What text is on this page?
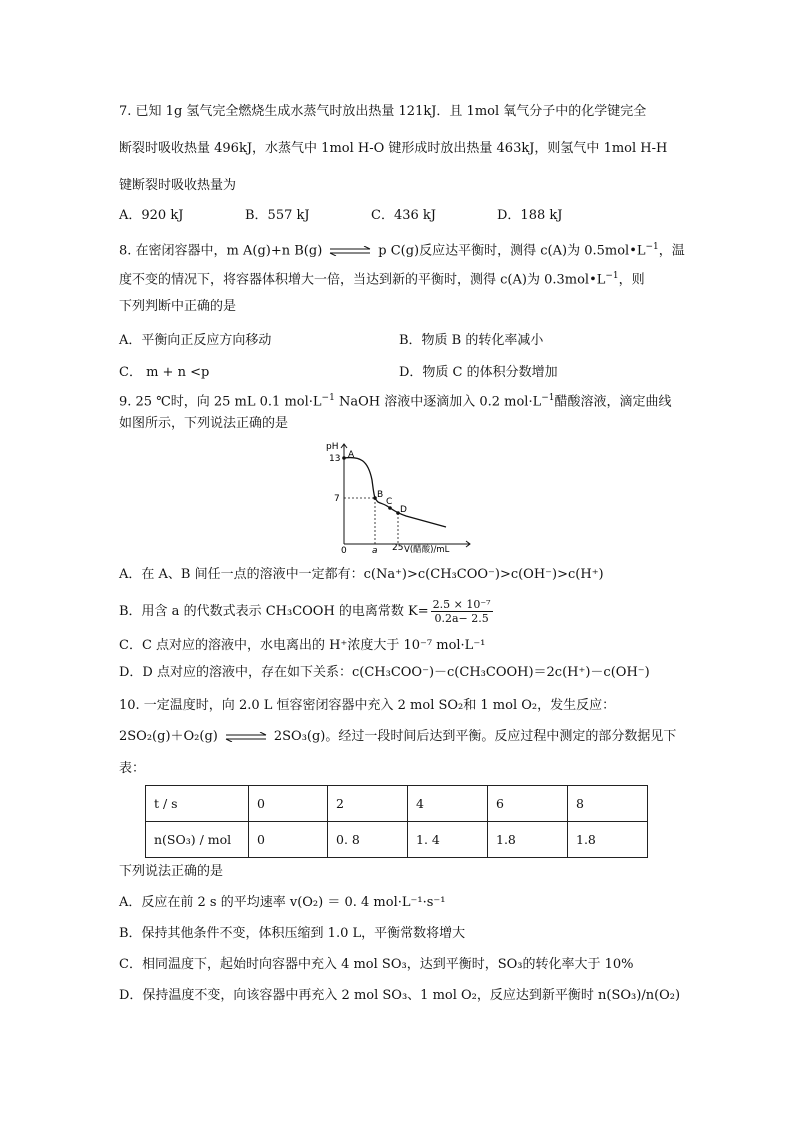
7. 已知 1g 氢气完全燃烧生成水蒸气时放出热量 121kJ．且 1mol 氧气分子中的化学键完全
断裂时吸收热量 496kJ，水蒸气中 1mol H-O 键形成时放出热量 463kJ，则氢气中 1mol H-H
键断裂时吸收热量为
A．920 kJ	B．557 kJ	C．436 kJ	D．188 kJ
8. 在密闭容器中，m A(g)+n B(g) ⇌ p C(g)反应达平衡时，测得 c(A)为 $0.5mol•L^{-1}$，温
度不变的情况下，将容器体积增大一倍，当达到新的平衡时，测得 c(A)为 $0.3mol•L^{-1}$，则
下列判断中正确的是
A．平衡向正反应方向移动	B．物质 B 的转化率减小
C． m + n <p	D．物质 C 的体积分数增加
9. 25 ℃时，向 25 mL 0.1 $mol\cdot L^{-1}$ NaOH 溶液中逐滴加入 0.2 $mol\cdot L^{-1}$醋酸溶液，滴定曲线
如图所示，下列说法正确的是
pH
13
7
0	a 25 V(醋酸)/mL
A
B
C
D
A．在 A、B 间任一点的溶液中一定都有：c(Na⁺)>c(CH₃COO⁻)>c(OH⁻)>c(H⁺)
B．用含 a 的代数式表示 CH₃COOH 的电离常数 $K= \frac{\text{2.5 × 10⁻⁷}}{0.2a- 2.5}$
C．C 点对应的溶液中，水电离出的 H⁺浓度大于 10⁻⁷ mol·L⁻¹
D．D 点对应的溶液中，存在如下关系：c(CH₃COO⁻)－c(CH₃COOH)＝2c(H⁺)－c(OH⁻)
10. 一定温度时，向 2.0 L 恒容密闭容器中充入 2 mol SO₂和 1 mol O₂，发生反应：
2SO₂(g)＋O₂(g) ⇌ 2SO₃(g)。经过一段时间后达到平衡。反应过程中测定的部分数据见下
表：
t / s	0	2	4	6	8
n(SO₃) / mol	0	0. 8	1. 4	1.8	1.8
下列说法正确的是
A．反应在前 2 s 的平均速率 v(O₂) ＝ 0. 4 mol·L⁻¹·s⁻¹
B．保持其他条件不变，体积压缩到 1.0 L，平衡常数将增大
C．相同温度下，起始时向容器中充入 4 mol SO₃，达到平衡时，SO₃的转化率大于 10%
D．保持温度不变，向该容器中再充入 2 mol SO₃、1 mol O₂，反应达到新平衡时 n(SO₃)/n(O₂)
